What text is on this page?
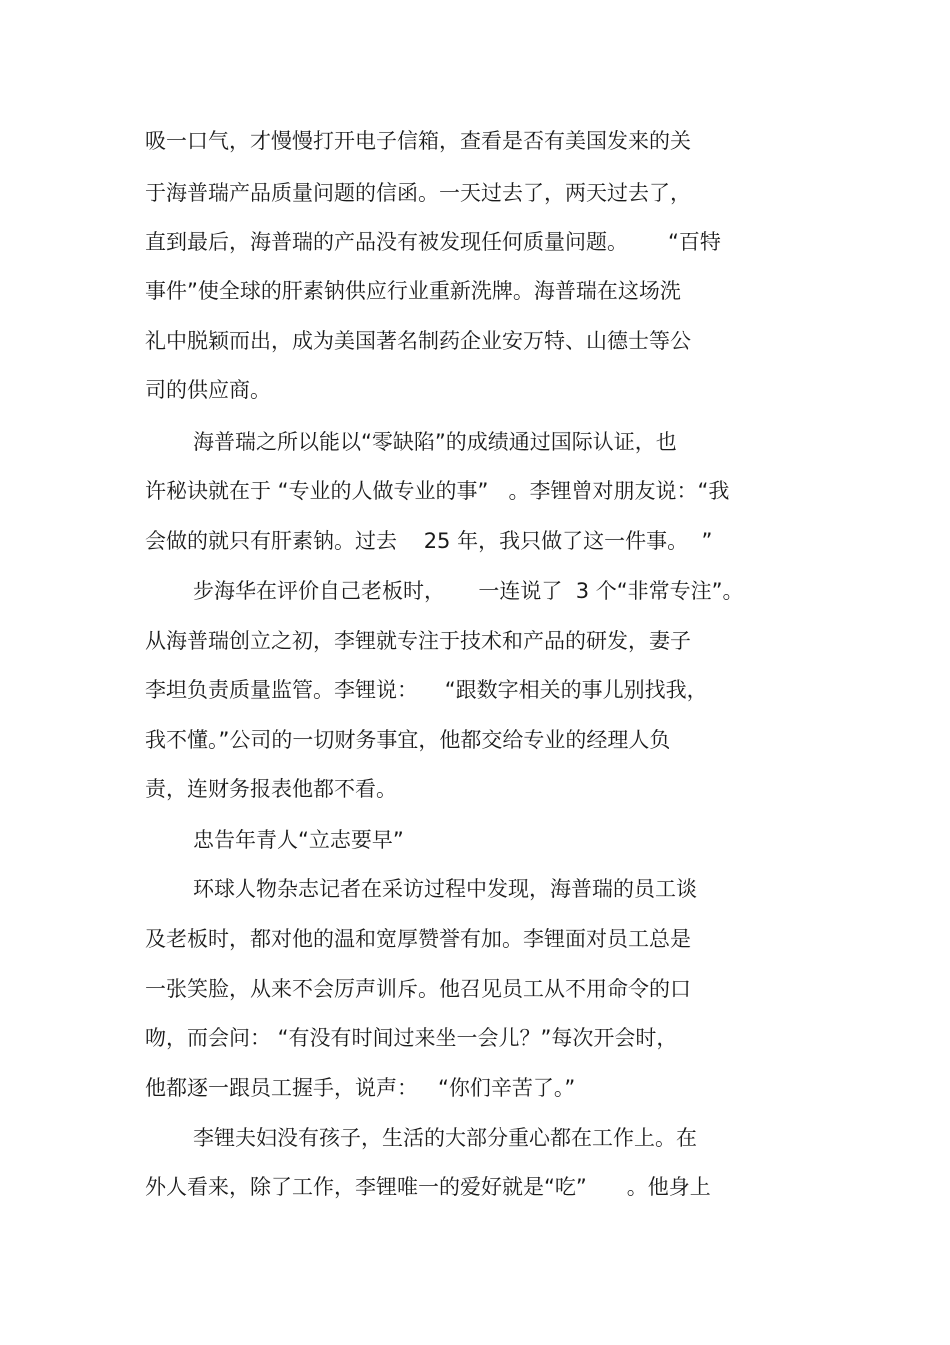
吸一口气，才慢慢打开电子信箱，查看是否有美国发来的关
于海普瑞产品质量问题的信函。一天过去了，两天过去了，
直到最后，海普瑞的产品没有被发现任何质量问题。      “百特
事件”使全球的肝素钠供应行业重新洗牌。海普瑞在这场洗
礼中脱颖而出，成为美国著名制药企业安万特、山德士等公
司的供应商。
海普瑞之所以能以“零缺陷”的成绩通过国际认证，也
许秘诀就在于 “专业的人做专业的事”   。李锂曾对朋友说：“我
会做的就只有肝素钠。过去    25 年，我只做了这一件事。  ”
步海华在评价自己老板时，     一连说了  3 个“非常专注”。
从海普瑞创立之初，李锂就专注于技术和产品的研发，妻子
李坦负责质量监管。李锂说：    “跟数字相关的事儿别找我，
我不懂。”公司的一切财务事宜，他都交给专业的经理人负
责，连财务报表他都不看。
忠告年青人“立志要早”
环球人物杂志记者在采访过程中发现，海普瑞的员工谈
及老板时，都对他的温和宽厚赞誉有加。李锂面对员工总是
一张笑脸，从来不会厉声训斥。他召见员工从不用命令的口
吻，而会问： “有没有时间过来坐一会儿？”每次开会时，
他都逐一跟员工握手，说声：   “你们辛苦了。”
李锂夫妇没有孩子，生活的大部分重心都在工作上。在
外人看来，除了工作，李锂唯一的爱好就是“吃”      。他身上
